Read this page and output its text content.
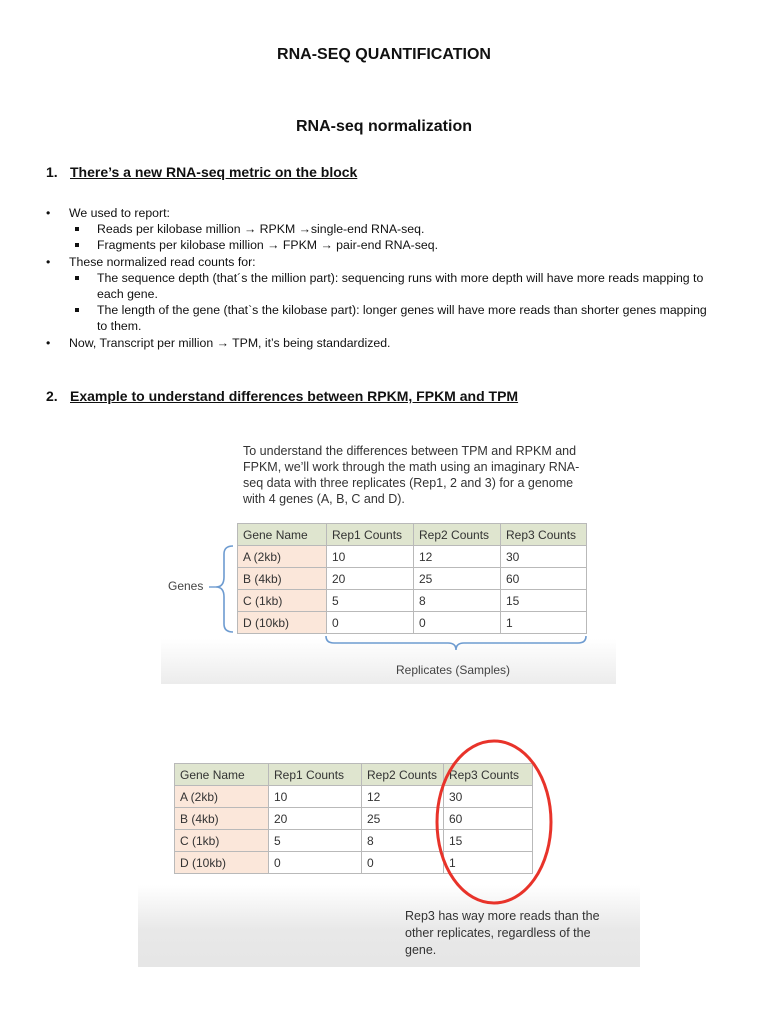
RNA-SEQ QUANTIFICATION
RNA-seq normalization
1. There’s a new RNA-seq metric on the block
• We used to report:
Reads per kilobase million → RPKM →single-end RNA-seq.
Fragments per kilobase million → FPKM → pair-end RNA-seq.
• These normalized read counts for:
The sequence depth (that´s the million part): sequencing runs with more depth will have more reads mapping to each gene.
The length of the gene (that`s the kilobase part): longer genes will have more reads than shorter genes mapping to them.
• Now, Transcript per million → TPM, it’s being standardized.
2. Example to understand differences between RPKM, FPKM and TPM

To understand the differences between TPM and RPKM and FPKM, we’ll work through the math using an imaginary RNA-seq data with three replicates (Rep1, 2 and 3) for a genome with 4 genes (A, B, C and D).

Gene Name	Rep1 Counts	Rep2 Counts	Rep3 Counts
A (2kb)	10	12	30
B (4kb)	20	25	60
C (1kb)	5	8	15
D (10kb)	0	0	1
Genes
Replicates (Samples)
Gene Name	Rep1 Counts	Rep2 Counts	Rep3 Counts
A (2kb)	10	12	30
B (4kb)	20	25	60
C (1kb)	5	8	15
D (10kb)	0	0	1

Rep3 has way more reads than the other replicates, regardless of the gene.
